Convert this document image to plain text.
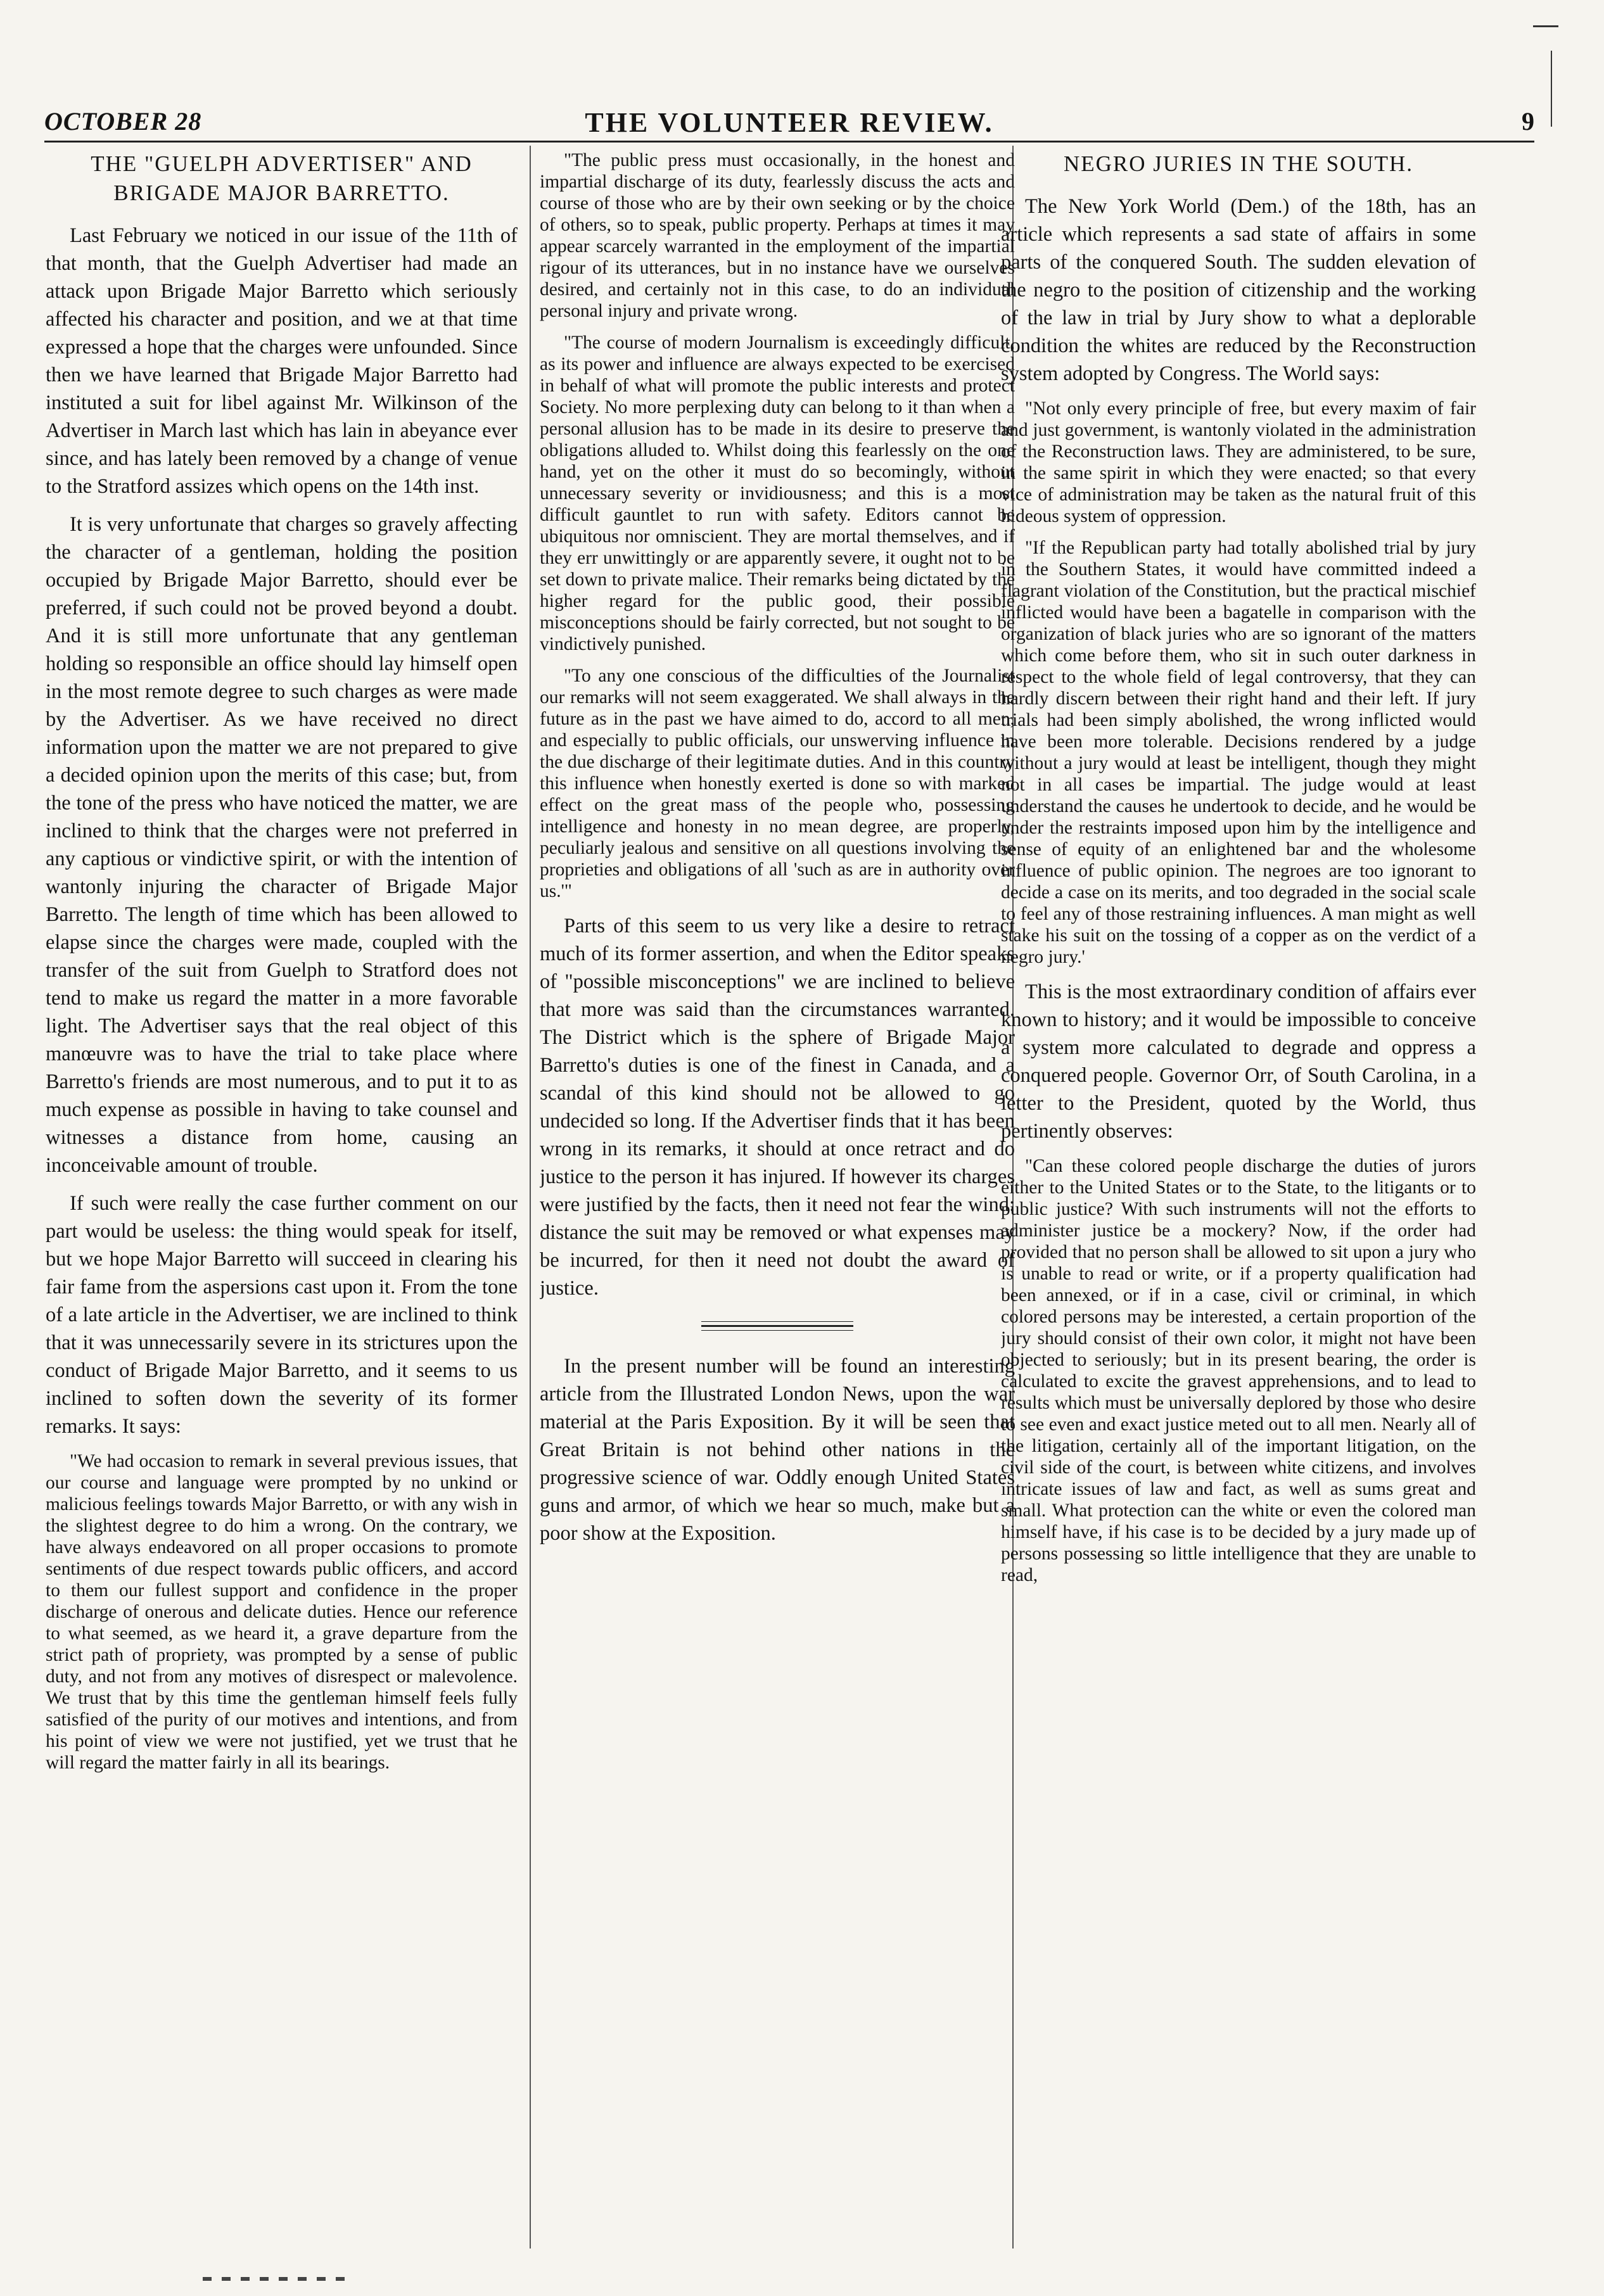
OCTOBER 28	THE VOLUNTEER REVIEW.	9
THE "GUELPH ADVERTISER" AND BRIGADE MAJOR BARRETTO.

Last February we noticed in our issue of the 11th of that month, that the Guelph Advertiser had made an attack upon Brigade Major Barretto which seriously affected his character and position, and we at that time expressed a hope that the charges were unfounded. Since then we have learned that Brigade Major Barretto had instituted a suit for libel against Mr. Wilkinson of the Advertiser in March last which has lain in abeyance ever since, and has lately been removed by a change of venue to the Stratford assizes which opens on the 14th inst.

It is very unfortunate that charges so gravely affecting the character of a gentleman, holding the position occupied by Brigade Major Barretto, should ever be preferred, if such could not be proved beyond a doubt. And it is still more unfortunate that any gentleman holding so responsible an office should lay himself open in the most remote degree to such charges as were made by the Advertiser. As we have received no direct information upon the matter we are not prepared to give a decided opinion upon the merits of this case; but, from the tone of the press who have noticed the matter, we are inclined to think that the charges were not preferred in any captious or vindictive spirit, or with the intention of wantonly injuring the character of Brigade Major Barretto. The length of time which has been allowed to elapse since the charges were made, coupled with the transfer of the suit from Guelph to Stratford does not tend to make us regard the matter in a more favorable light. The Advertiser says that the real object of this manœuvre was to have the trial to take place where Barretto's friends are most numerous, and to put it to as much expense as possible in having to take counsel and witnesses a distance from home, causing an inconceivable amount of trouble.

If such were really the case further comment on our part would be useless: the thing would speak for itself, but we hope Major Barretto will succeed in clearing his fair fame from the aspersions cast upon it. From the tone of a late article in the Advertiser, we are inclined to think that it was unnecessarily severe in its strictures upon the conduct of Brigade Major Barretto, and it seems to us inclined to soften down the severity of its former remarks. It says:

"We had occasion to remark in several previous issues, that our course and language were prompted by no unkind or malicious feelings towards Major Barretto, or with any wish in the slightest degree to do him a wrong. On the contrary, we have always endeavored on all proper occasions to promote sentiments of due respect towards public officers, and accord to them our fullest support and confidence in the proper discharge of onerous and delicate duties. Hence our reference to what seemed, as we heard it, a grave departure from the strict path of propriety, was prompted by a sense of public duty, and not from any motives of disrespect or malevolence. We trust that by this time the gentleman himself feels fully satisfied of the purity of our motives and intentions, and from his point of view we were not justified, yet we trust that he will regard the matter fairly in all its bearings.

"The public press must occasionally, in the honest and impartial discharge of its duty, fearlessly discuss the acts and course of those who are by their own seeking or by the choice of others, so to speak, public property. Perhaps at times it may appear scarcely warranted in the employment of the impartial rigour of its utterances, but in no instance have we ourselves desired, and certainly not in this case, to do an individual personal injury and private wrong.

"The course of modern Journalism is exceedingly difficult, as its power and influence are always expected to be exercised in behalf of what will promote the public interests and protect Society. No more perplexing duty can belong to it than when a personal allusion has to be made in its desire to preserve the obligations alluded to. Whilst doing this fearlessly on the one hand, yet on the other it must do so becomingly, without unnecessary severity or invidiousness; and this is a most difficult gauntlet to run with safety. Editors cannot be ubiquitous nor omniscient. They are mortal themselves, and if they err unwittingly or are apparently severe, it ought not to be set down to private malice. Their remarks being dictated by the higher regard for the public good, their possible misconceptions should be fairly corrected, but not sought to be vindictively punished.

"To any one conscious of the difficulties of the Journalist our remarks will not seem exaggerated. We shall always in the future as in the past we have aimed to do, accord to all men, and especially to public officials, our unswerving influence in the due discharge of their legitimate duties. And in this country this influence when honestly exerted is done so with marked effect on the great mass of the people who, possessing intelligence and honesty in no mean degree, are properly, peculiarly jealous and sensitive on all questions involving the proprieties and obligations of all 'such as are in authority over us.'"

Parts of this seem to us very like a desire to retract much of its former assertion, and when the Editor speaks of "possible misconceptions" we are inclined to believe that more was said than the circumstances warranted. The District which is the sphere of Brigade Major Barretto's duties is one of the finest in Canada, and a scandal of this kind should not be allowed to go undecided so long. If the Advertiser finds that it has been wrong in its remarks, it should at once retract and do justice to the person it has injured. If however its charges were justified by the facts, then it need not fear the wind: distance the suit may be removed or what expenses may be incurred, for then it need not doubt the award of justice.

In the present number will be found an interesting article from the Illustrated London News, upon the war material at the Paris Exposition. By it will be seen that Great Britain is not behind other nations in the progressive science of war. Oddly enough United States guns and armor, of which we hear so much, make but a poor show at the Exposition.

NEGRO JURIES IN THE SOUTH.

The New York World (Dem.) of the 18th, has an article which represents a sad state of affairs in some parts of the conquered South. The sudden elevation of the negro to the position of citizenship and the working of the law in trial by Jury show to what a deplorable condition the whites are reduced by the Reconstruction system adopted by Congress. The World says:

"Not only every principle of free, but every maxim of fair and just government, is wantonly violated in the administration of the Reconstruction laws. They are administered, to be sure, in the same spirit in which they were enacted; so that every vice of administration may be taken as the natural fruit of this hideous system of oppression.

"If the Republican party had totally abolished trial by jury in the Southern States, it would have committed indeed a flagrant violation of the Constitution, but the practical mischief inflicted would have been a bagatelle in comparison with the organization of black juries who are so ignorant of the matters which come before them, who sit in such outer darkness in respect to the whole field of legal controversy, that they can hardly discern between their right hand and their left. If jury trials had been simply abolished, the wrong inflicted would have been more tolerable. Decisions rendered by a judge without a jury would at least be intelligent, though they might not in all cases be impartial. The judge would at least understand the causes he undertook to decide, and he would be under the restraints imposed upon him by the intelligence and sense of equity of an enlightened bar and the wholesome influence of public opinion. The negroes are too ignorant to decide a case on its merits, and too degraded in the social scale to feel any of those restraining influences. A man might as well stake his suit on the tossing of a copper as on the verdict of a negro jury.'

This is the most extraordinary condition of affairs ever known to history; and it would be impossible to conceive a system more calculated to degrade and oppress a conquered people. Governor Orr, of South Carolina, in a letter to the President, quoted by the World, thus pertinently observes:

"Can these colored people discharge the duties of jurors either to the United States or to the State, to the litigants or to public justice? With such instruments will not the efforts to administer justice be a mockery? Now, if the order had provided that no person shall be allowed to sit upon a jury who is unable to read or write, or if a property qualification had been annexed, or if in a case, civil or criminal, in which colored persons may be interested, a certain proportion of the jury should consist of their own color, it might not have been objected to seriously; but in its present bearing, the order is calculated to excite the gravest apprehensions, and to lead to results which must be universally deplored by those who desire to see even and exact justice meted out to all men. Nearly all of the litigation, certainly all of the important litigation, on the civil side of the court, is between white citizens, and involves intricate issues of law and fact, as well as sums great and small. What protection can the white or even the colored man himself have, if his case is to be decided by a jury made up of persons possessing so little intelligence that they are unable to read,
